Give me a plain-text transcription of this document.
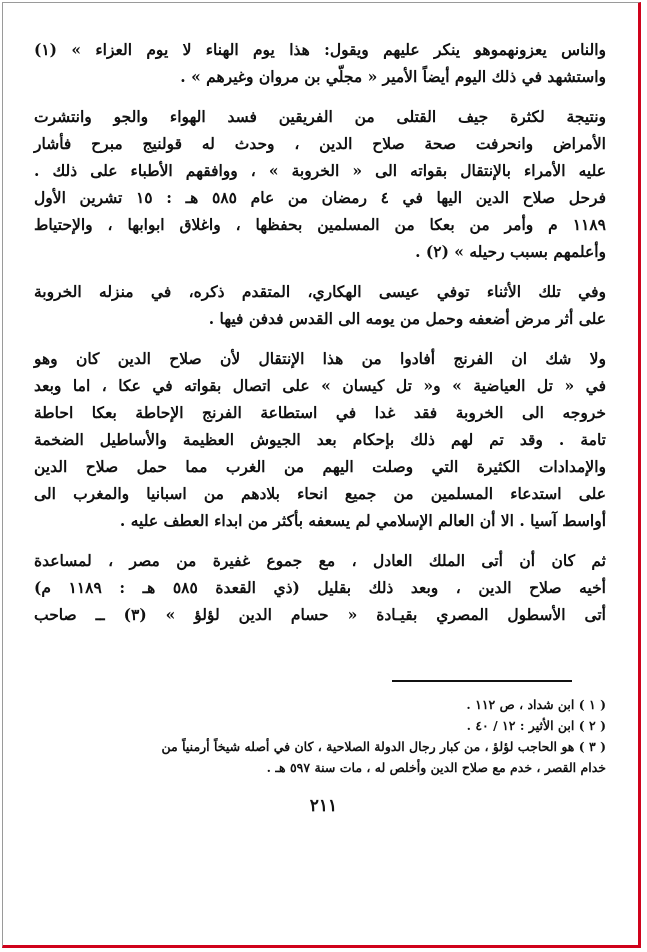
والناس يعزونهموهو ينكر عليهم ويقول: هذا يوم الهناء لا يوم العزاء » (١)
واستشهد في ذلك اليوم أيضاً الأمير « مجلّي بن مروان وغيرهم » .

ونتيجة لكثرة جيف القتلى من الفريقين فسد الهواء والجو وانتشرت
الأمراض وانحرفت صحة صلاح الدين ، وحدث له قولنيج مبرح فأشار
عليه الأمراء بالإنتقال بقواته الى « الخروبة » ، ووافقهم الأطباء على ذلك .
فرحل صلاح الدين اليها في ٤ رمضان من عام ٥٨٥ هـ : ١٥ تشرين الأول
١١٨٩ م وأمر من بعكا من المسلمين بحفظها ، واغلاق ابوابها ، والإحتياط
وأعلمهم بسبب رحيله » (٢) .

وفي تلك الأثناء توفي عيسى الهكاري، المتقدم ذكره، في منزله الخروبة
على أثر مرض أضعفه وحمل من يومه الى القدس فدفن فيها .

ولا شك ان الفرنج أفادوا من هذا الإنتقال لأن صلاح الدين كان وهو
في « تل العياضية » و« تل كيسان » على اتصال بقواته في عكا ، اما وبعد
خروجه الى الخروبة فقد غدا في استطاعة الفرنج الإحاطة بعكا احاطة
تامة . وقد تم لهم ذلك بإحكام بعد الجيوش العظيمة والأساطيل الضخمة
والإمدادات الكثيرة التي وصلت اليهم من الغرب مما حمل صلاح الدين
على استدعاء المسلمين من جميع انحاء بلادهم من اسبانيا والمغرب الى
أواسط آسيا . الا أن العالم الإسلامي لم يسعفه بأكثر من ابداء العطف عليه .

ثم كان أن أتى الملك العادل ، مع جموع غفيرة من مصر ، لمساعدة
أخيه صلاح الدين ، وبعد ذلك بقليل (ذي القعدة ٥٨٥ هـ : ١١٨٩ م)
أتى الأسطول المصري بقيـادة « حسام الدين لؤلؤ » (٣) ــ صاحب

( ١ ) ابن شداد ، ص ١١٢ .
( ٢ ) ابن الأثير : ١٢ / ٤٠ .
( ٣ ) هو الحاجب لؤلؤ ، من كبار رجال الدولة الصلاحية ، كان في أصله شيخاً أرمنياً من
خدام القصر ، خدم مع صلاح الدين وأخلص له ، مات سنة ٥٩٧ هـ .
٢١١
